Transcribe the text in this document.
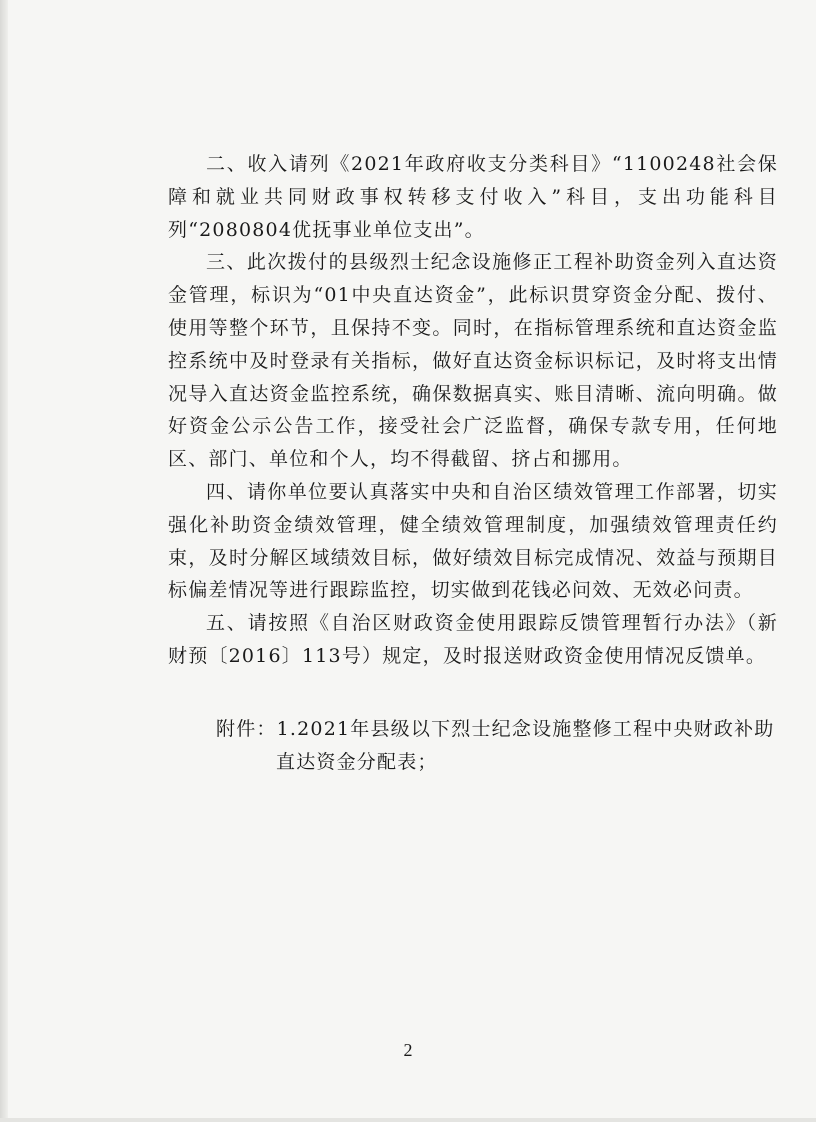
二、收入请列《2021年政府收支分类科目》“1100248社会保障和就业共同财政事权转移支付收入”科目，支出功能科目列“2080804优抚事业单位支出”。

三、此次拨付的县级烈士纪念设施修正工程补助资金列入直达资金管理，标识为“01中央直达资金”，此标识贯穿资金分配、拨付、使用等整个环节，且保持不变。同时，在指标管理系统和直达资金监控系统中及时登录有关指标，做好直达资金标识标记，及时将支出情况导入直达资金监控系统，确保数据真实、账目清晰、流向明确。做好资金公示公告工作，接受社会广泛监督，确保专款专用，任何地区、部门、单位和个人，均不得截留、挤占和挪用。

四、请你单位要认真落实中央和自治区绩效管理工作部署，切实强化补助资金绩效管理，健全绩效管理制度，加强绩效管理责任约束，及时分解区域绩效目标，做好绩效目标完成情况、效益与预期目标偏差情况等进行跟踪监控，切实做到花钱必问效、无效必问责。

五、请按照《自治区财政资金使用跟踪反馈管理暂行办法》（新财预〔2016〕113号）规定，及时报送财政资金使用情况反馈单。

附件：1.2021年县级以下烈士纪念设施整修工程中央财政补助直达资金分配表；

2
